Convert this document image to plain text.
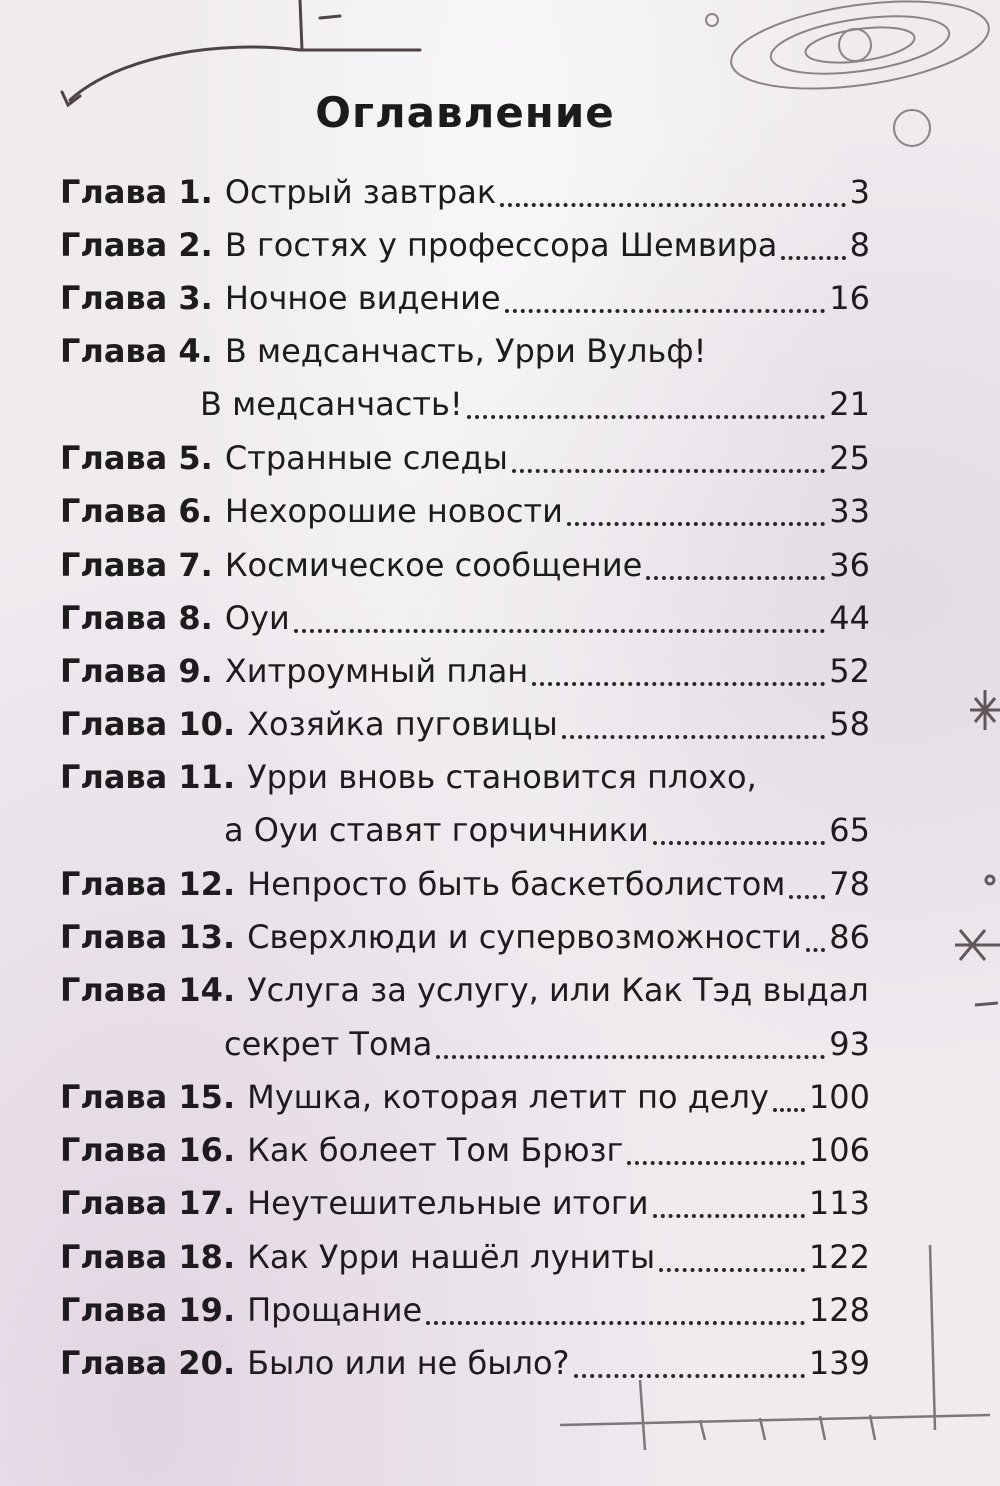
Оглавление
Глава 1. Острый завтрак	3
Глава 2. В гостях у профессора Шемвира 8
Глава 3. Ночное видение	16
Глава 4. В медсанчасть, Урри Вульф!
В медсанчасть!	21
Глава 5. Странные следы	25
Глава 6. Нехорошие новости	33
Глава 7. Космическое сообщение	36
Глава 8. Оуи	44
Глава 9. Хитроумный план	52
Глава 10. Хозяйка пуговицы	58
Глава 11. Урри вновь становится плохо,
а Оуи ставят горчичники	65
Глава 12. Непросто быть баскетболистом 78
Глава 13. Сверхлюди и супервозможности 86
Глава 14. Услуга за услугу, или Как Тэд выдал
секрет Тома	93
Глава 15. Мушка, которая летит по делу 100
Глава 16. Как болеет Том Брюзг	106
Глава 17. Неутешительные итоги	113
Глава 18. Как Урри нашёл луниты	122
Глава 19. Прощание	128
Глава 20. Было или не было?	139
